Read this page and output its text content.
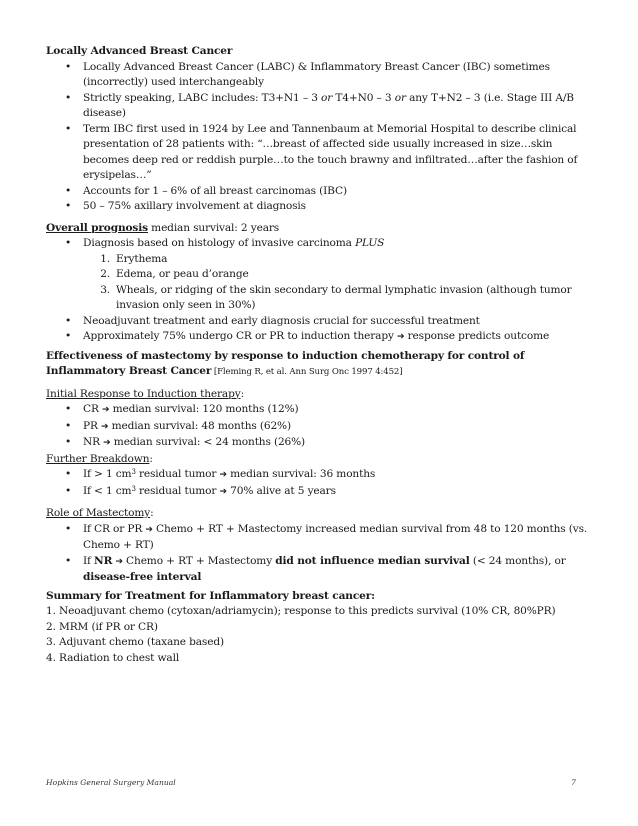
Locally Advanced Breast Cancer
• Locally Advanced Breast Cancer (LABC) & Inflammatory Breast Cancer (IBC) sometimes (incorrectly) used interchangeably
• Strictly speaking, LABC includes: T3+N1 – 3 or T4+N0 – 3 or any T+N2 – 3 (i.e. Stage III A/B disease)
• Term IBC first used in 1924 by Lee and Tannenbaum at Memorial Hospital to describe clinical presentation of 28 patients with: “…breast of affected side usually increased in size…skin becomes deep red or reddish purple…to the touch brawny and infiltrated…after the fashion of erysipelas…”
• Accounts for 1 – 6% of all breast carcinomas (IBC)
• 50 – 75% axillary involvement at diagnosis
Overall prognosis median survival: 2 years
• Diagnosis based on histology of invasive carcinoma PLUS
1. Erythema
2. Edema, or peau d’orange
3. Wheals, or ridging of the skin secondary to dermal lymphatic invasion (although tumor invasion only seen in 30%)
• Neoadjuvant treatment and early diagnosis crucial for successful treatment
• Approximately 75% undergo CR or PR to induction therapy ➔ response predicts outcome
Effectiveness of mastectomy by response to induction chemotherapy for control of Inflammatory Breast Cancer [Fleming R, et al. Ann Surg Onc 1997 4:452]
Initial Response to Induction therapy:
• CR ➔ median survival: 120 months (12%)
• PR ➔ median survival: 48 months (62%)
• NR ➔ median survival: < 24 months (26%)
Further Breakdown:
• If > 1 $cm^3$ residual tumor ➔ median survival: 36 months
• If < 1 $cm^3$ residual tumor ➔ 70% alive at 5 years
Role of Mastectomy:
• If CR or PR ➔ Chemo + RT + Mastectomy increased median survival from 48 to 120 months (vs. Chemo + RT)
• If NR ➔ Chemo + RT + Mastectomy did not influence median survival (< 24 months), or disease-free interval
Summary for Treatment for Inflammatory breast cancer:
1. Neoadjuvant chemo (cytoxan/adriamycin); response to this predicts survival (10% CR, 80%PR)
2. MRM (if PR or CR)
3. Adjuvant chemo (taxane based)
4. Radiation to chest wall
Hopkins General Surgery Manual	7
